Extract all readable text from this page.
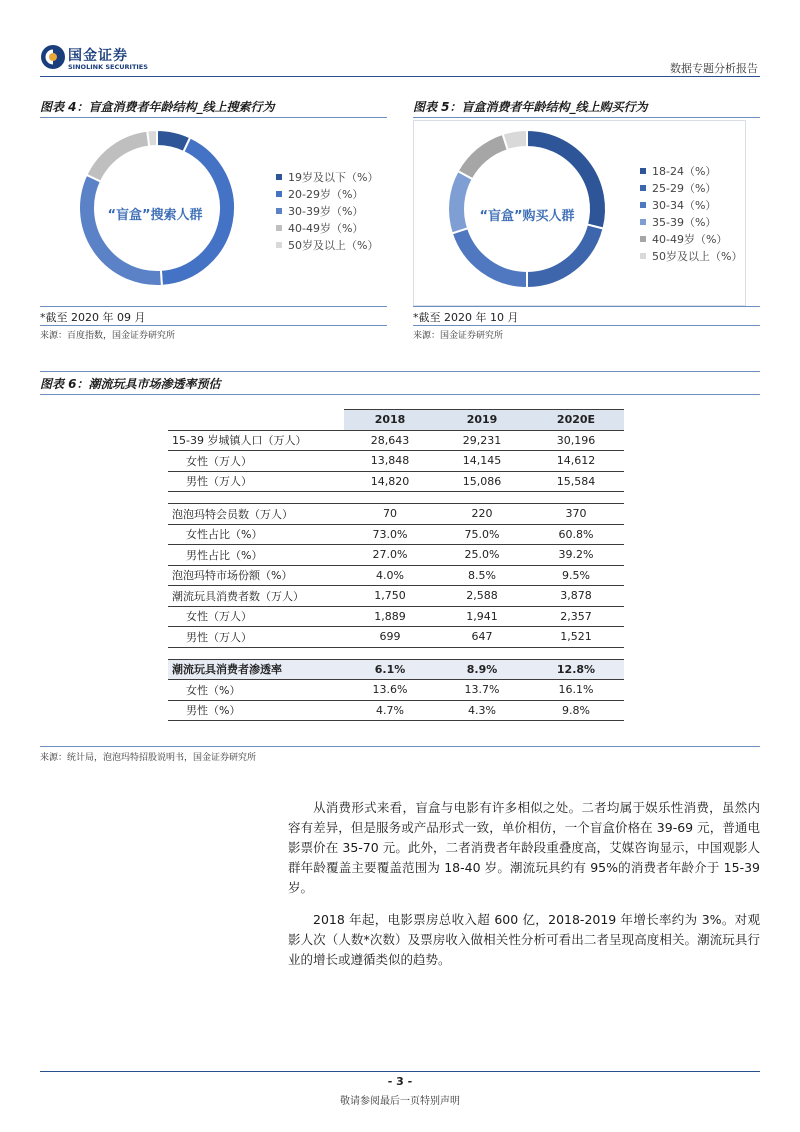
国金证券
SINOLINK SECURITIES	数据专题分析报告
图表 4：盲盒消费者年龄结构_线上搜索行为
“盲盒”搜索人群
19岁及以下（%）
20-29岁（%）
30-39岁（%）
40-49岁（%）
50岁及以上（%）
*截至 2020 年 09 月
来源：百度指数，国金证券研究所
图表 5：盲盒消费者年龄结构_线上购买行为
“盲盒”购买人群
18-24（%）
25-29（%）
30-34（%）
35-39（%）
40-49岁（%）
50岁及以上（%）
*截至 2020 年 10 月
来源：国金证券研究所
图表 6：潮流玩具市场渗透率预估
	2018	2019	2020E
15-39 岁城镇人口（万人）	28,643	29,231	30,196
女性（万人）	13,848	14,145	14,612
男性（万人）	14,820	15,086	15,584

泡泡玛特会员数（万人）	70	220	370
女性占比（%）	73.0%	75.0%	60.8%
男性占比（%）	27.0%	25.0%	39.2%
泡泡玛特市场份额（%）	4.0%	8.5%	9.5%
潮流玩具消费者数（万人）	1,750	2,588	3,878
女性（万人）	1,889	1,941	2,357
男性（万人）	699	647	1,521

潮流玩具消费者渗透率	6.1%	8.9%	12.8%
女性（%）	13.6%	13.7%	16.1%
男性（%）	4.7%	4.3%	9.8%
来源：统计局，泡泡玛特招股说明书，国金证券研究所

从消费形式来看，盲盒与电影有许多相似之处。二者均属于娱乐性消费，虽然内容有差异，但是服务或产品形式一致，单价相仿，一个盲盒价格在 39-69 元，普通电影票价在 35-70 元。此外，二者消费者年龄段重叠度高，艾媒咨询显示，中国观影人群年龄覆盖主要覆盖范围为 18-40 岁。潮流玩具约有 95%的消费者年龄介于 15-39 岁。

2018 年起，电影票房总收入超 600 亿，2018-2019 年增长率约为 3%。对观影人次（人数*次数）及票房收入做相关性分析可看出二者呈现高度相关。潮流玩具行业的增长或遵循类似的趋势。

- 3 -
敬请参阅最后一页特别声明
